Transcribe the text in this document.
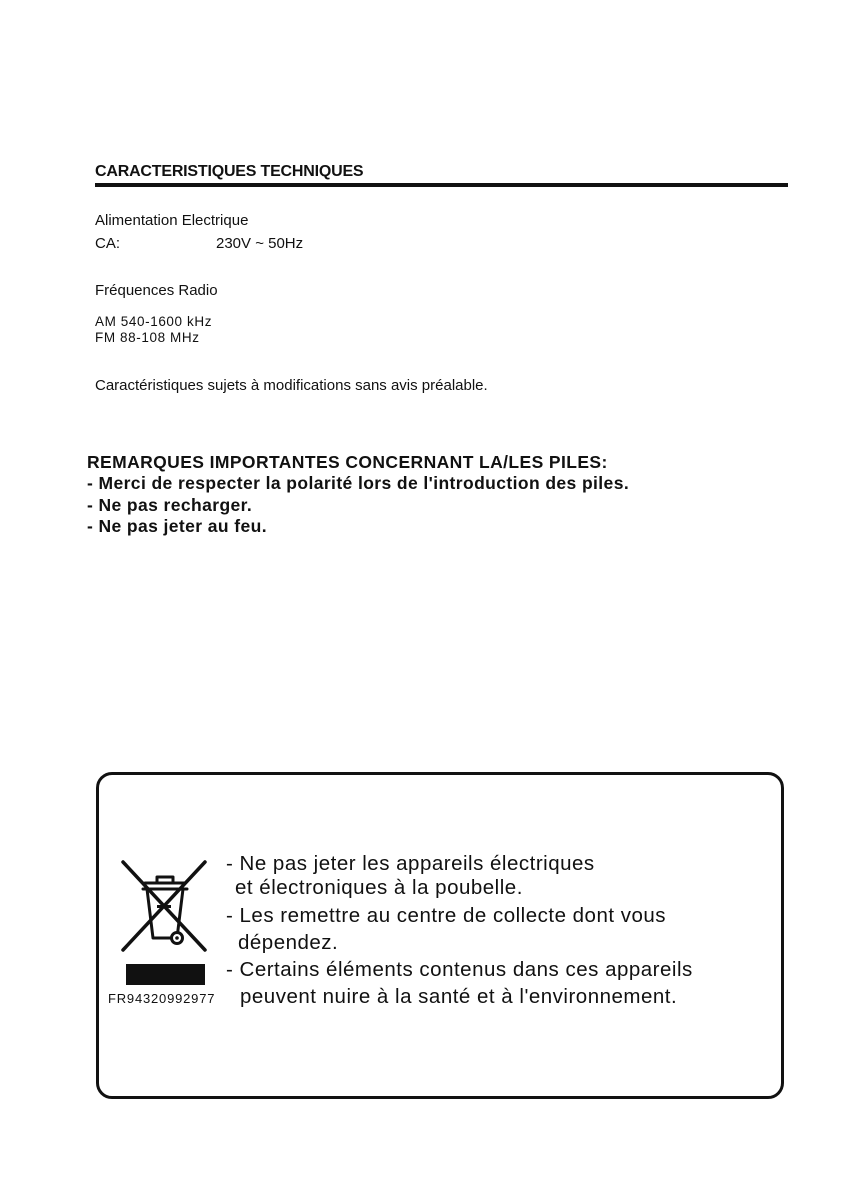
CARACTERISTIQUES TECHNIQUES
Alimentation Electrique
CA:	230V ~ 50Hz
Fréquences Radio
AM 540-1600 kHz
FM 88-108 MHz
Caractéristiques sujets à modifications sans avis préalable.
REMARQUES IMPORTANTES CONCERNANT LA/LES PILES:
- Merci de respecter la polarité lors de l'introduction des piles.
- Ne pas recharger.
- Ne pas jeter au feu.
FR94320992977
- Ne pas jeter les appareils électriques
et électroniques à la poubelle.
- Les remettre au centre de collecte dont vous
dépendez.
- Certains éléments contenus dans ces appareils
peuvent nuire à la santé et à l'environnement.
